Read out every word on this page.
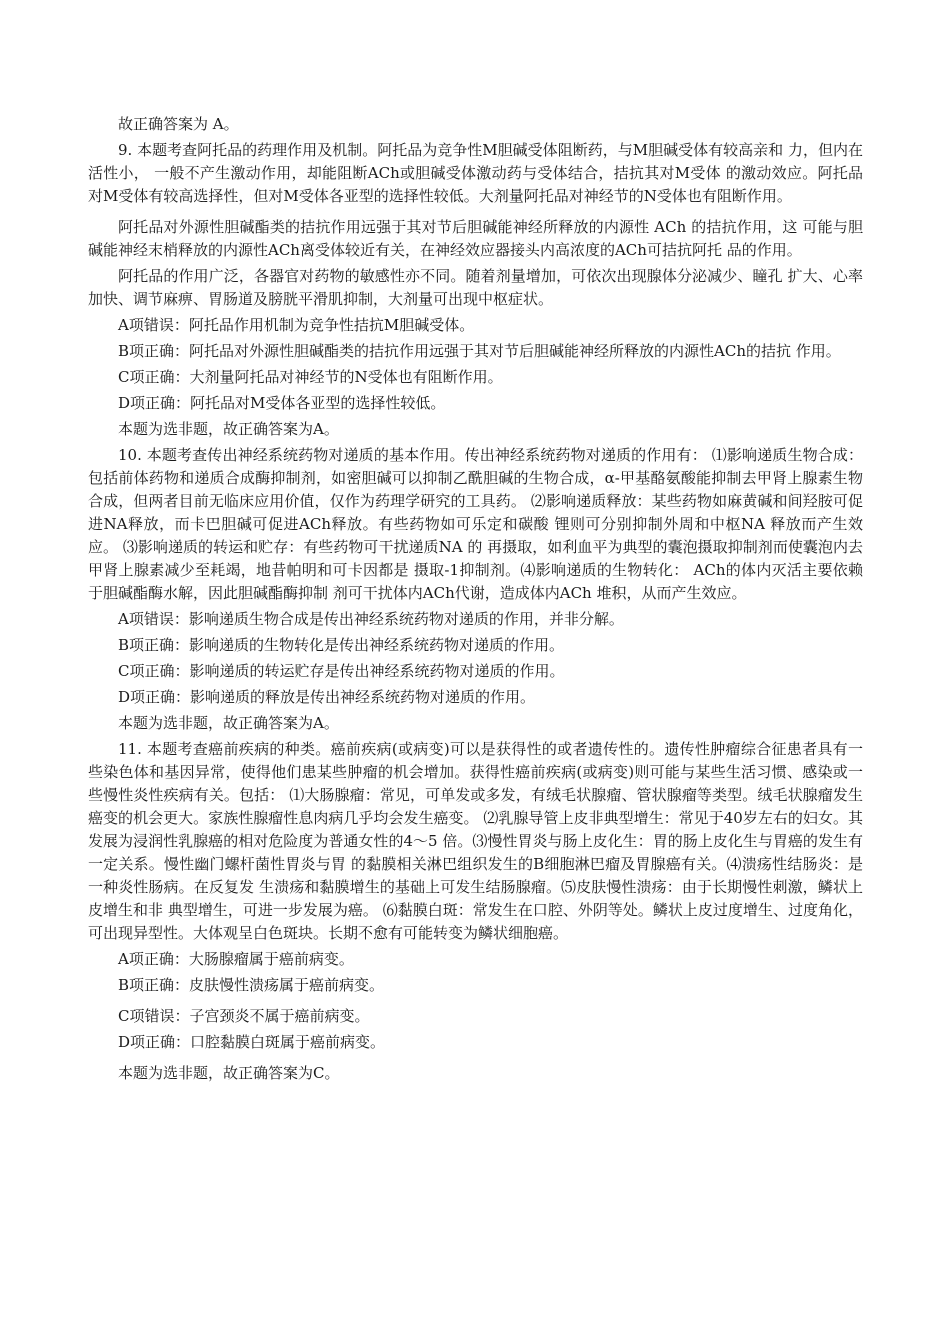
故正确答案为 A。

9. 本题考查阿托品的药理作用及机制。阿托品为竞争性M胆碱受体阻断药，与M胆碱受体有较高亲和 力，但内在活性小， 一般不产生激动作用，却能阻断ACh或胆碱受体激动药与受体结合，拮抗其对M受体 的激动效应。阿托品对M受体有较高选择性，但对M受体各亚型的选择性较低。大剂量阿托品对神经节的N受体也有阻断作用。

阿托品对外源性胆碱酯类的拮抗作用远强于其对节后胆碱能神经所释放的内源性 ACh 的拮抗作用，这 可能与胆碱能神经末梢释放的内源性ACh离受体较近有关，在神经效应器接头内高浓度的ACh可拮抗阿托 品的作用。

阿托品的作用广泛，各器官对药物的敏感性亦不同。随着剂量增加，可依次出现腺体分泌减少、瞳孔 扩大、心率加快、调节麻痹、胃肠道及膀胱平滑肌抑制，大剂量可出现中枢症状。

A项错误：阿托品作用机制为竞争性拮抗M胆碱受体。

B项正确：阿托品对外源性胆碱酯类的拮抗作用远强于其对节后胆碱能神经所释放的内源性ACh的拮抗 作用。

C项正确：大剂量阿托品对神经节的N受体也有阻断作用。

D项正确：阿托品对M受体各亚型的选择性较低。

本题为选非题，故正确答案为A。

10. 本题考查传出神经系统药物对递质的基本作用。传出神经系统药物对递质的作用有： ⑴影响递质生物合成：包括前体药物和递质合成酶抑制剂，如密胆碱可以抑制乙酰胆碱的生物合成，α-甲基酪氨酸能抑制去甲肾上腺素生物合成，但两者目前无临床应用价值，仅作为药理学研究的工具药。 ⑵影响递质释放：某些药物如麻黄碱和间羟胺可促进NA释放，而卡巴胆碱可促进ACh释放。有些药物如可乐定和碳酸 锂则可分别抑制外周和中枢NA 释放而产生效应。 ⑶影响递质的转运和贮存：有些药物可干扰递质NA 的 再摄取，如利血平为典型的囊泡摄取抑制剂而使囊泡内去甲肾上腺素减少至耗竭，地昔帕明和可卡因都是 摄取-1抑制剂。⑷影响递质的生物转化： ACh的体内灭活主要依赖于胆碱酯酶水解，因此胆碱酯酶抑制 剂可干扰体内ACh代谢，造成体内ACh 堆积，从而产生效应。

A项错误：影响递质生物合成是传出神经系统药物对递质的作用，并非分解。

B项正确：影响递质的生物转化是传出神经系统药物对递质的作用。

C项正确：影响递质的转运贮存是传出神经系统药物对递质的作用。

D项正确：影响递质的释放是传出神经系统药物对递质的作用。

本题为选非题，故正确答案为A。

11. 本题考查癌前疾病的种类。癌前疾病(或病变)可以是获得性的或者遗传性的。遗传性肿瘤综合征患者具有一些染色体和基因异常，使得他们患某些肿瘤的机会增加。获得性癌前疾病(或病变)则可能与某些生活习惯、感染或一些慢性炎性疾病有关。包括： ⑴大肠腺瘤：常见，可单发或多发，有绒毛状腺瘤、管状腺瘤等类型。绒毛状腺瘤发生癌变的机会更大。家族性腺瘤性息肉病几乎均会发生癌变。 ⑵乳腺导管上皮非典型增生：常见于40岁左右的妇女。其发展为浸润性乳腺癌的相对危险度为普通女性的4～5 倍。⑶慢性胃炎与肠上皮化生：胃的肠上皮化生与胃癌的发生有一定关系。慢性幽门螺杆菌性胃炎与胃 的黏膜相关淋巴组织发生的B细胞淋巴瘤及胃腺癌有关。⑷溃疡性结肠炎：是一种炎性肠病。在反复发 生溃疡和黏膜增生的基础上可发生结肠腺瘤。⑸皮肤慢性溃疡：由于长期慢性刺激，鳞状上皮增生和非 典型增生，可进一步发展为癌。 ⑹黏膜白斑：常发生在口腔、外阴等处。鳞状上皮过度增生、过度角化， 可出现异型性。大体观呈白色斑块。长期不愈有可能转变为鳞状细胞癌。

A项正确：大肠腺瘤属于癌前病变。

B项正确：皮肤慢性溃疡属于癌前病变。

C项错误：子宫颈炎不属于癌前病变。

D项正确：口腔黏膜白斑属于癌前病变。

本题为选非题，故正确答案为C。
